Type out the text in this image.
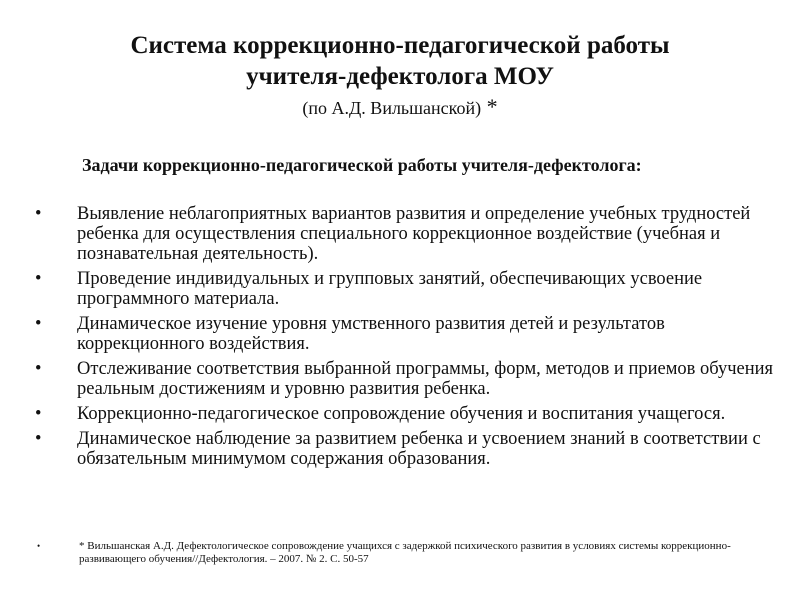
Система коррекционно-педагогической работы
учителя-дефектолога МОУ
(по А.Д. Вильшанской) *
Задачи коррекционно-педагогической работы учителя-дефектолога:
• Выявление неблагоприятных вариантов развития и определение учебных трудностей ребенка для осуществления специального коррекционное воздействие (учебная и познавательная деятельность).
• Проведение индивидуальных и групповых занятий, обеспечивающих усвоение программного материала.
• Динамическое изучение уровня умственного развития детей и результатов коррекционного воздействия.
• Отслеживание соответствия выбранной программы, форм, методов и приемов обучения реальным достижениям и уровню развития ребенка.
• Коррекционно-педагогическое сопровождение обучения и воспитания учащегося.
• Динамическое наблюдение за развитием ребенка и усвоением знаний в соответствии с обязательным минимумом содержания образования.
•	* Вильшанская А.Д. Дефектологическое сопровождение учащихся с задержкой психического развития в условиях системы коррекционно-развивающего обучения//Дефектология. – 2007. № 2. С. 50-57
